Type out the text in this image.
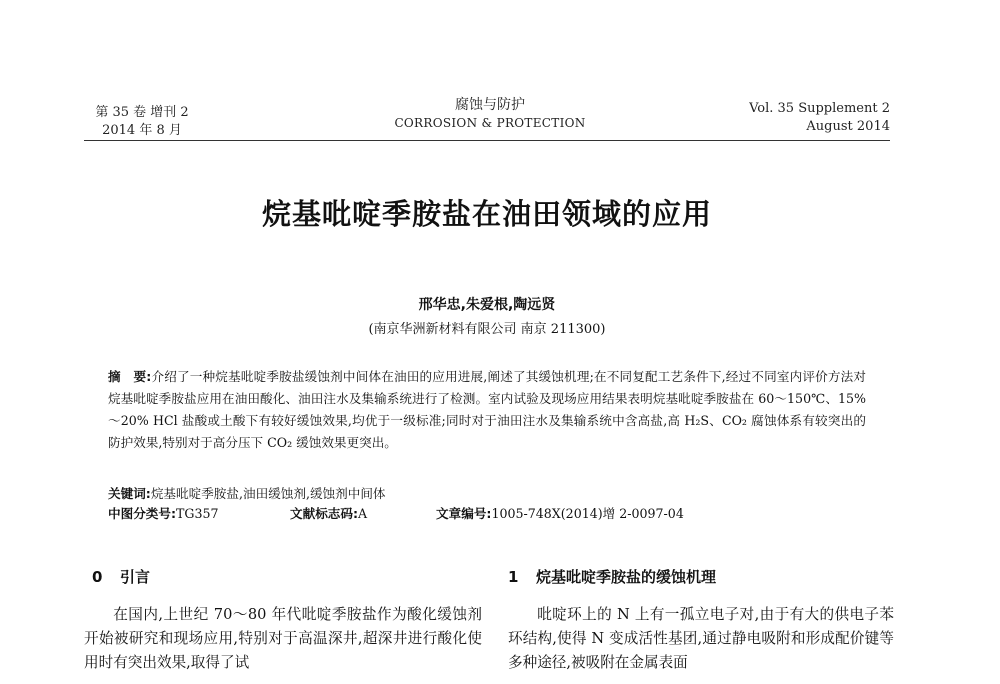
第 35 卷 增刊 2
2014 年 8 月
腐蚀与防护
CORROSION & PROTECTION
Vol. 35 Supplement 2
August 2014
烷基吡啶季胺盐在油田领域的应用
邢华忠,朱爱根,陶远贤
(南京华洲新材料有限公司 南京 211300)
摘　要:介绍了一种烷基吡啶季胺盐缓蚀剂中间体在油田的应用进展,阐述了其缓蚀机理;在不同复配工艺条件下,经过不同室内评价方法对烷基吡啶季胺盐应用在油田酸化、油田注水及集输系统进行了检测。室内试验及现场应用结果表明烷基吡啶季胺盐在 60～150℃、15%～20% HCl 盐酸或土酸下有较好缓蚀效果,均优于一级标准;同时对于油田注水及集输系统中含高盐,高 H₂S、CO₂ 腐蚀体系有较突出的防护效果,特别对于高分压下 CO₂ 缓蚀效果更突出。
关键词:烷基吡啶季胺盐,油田缓蚀剂,缓蚀剂中间体
中图分类号:TG357	文献标志码:A	文章编号:1005-748X(2014)增 2-0097-04
0 引言	1 烷基吡啶季胺盐的缓蚀机理

在国内,上世纪 70～80 年代吡啶季胺盐作为酸化缓蚀剂开始被研究和现场应用,特别对于高温深井,超深井进行酸化使用时有突出效果,取得了试

吡啶环上的 N 上有一孤立电子对,由于有大的供电子苯环结构,使得 N 变成活性基团,通过静电吸附和形成配价键等多种途径,被吸附在金属表面
